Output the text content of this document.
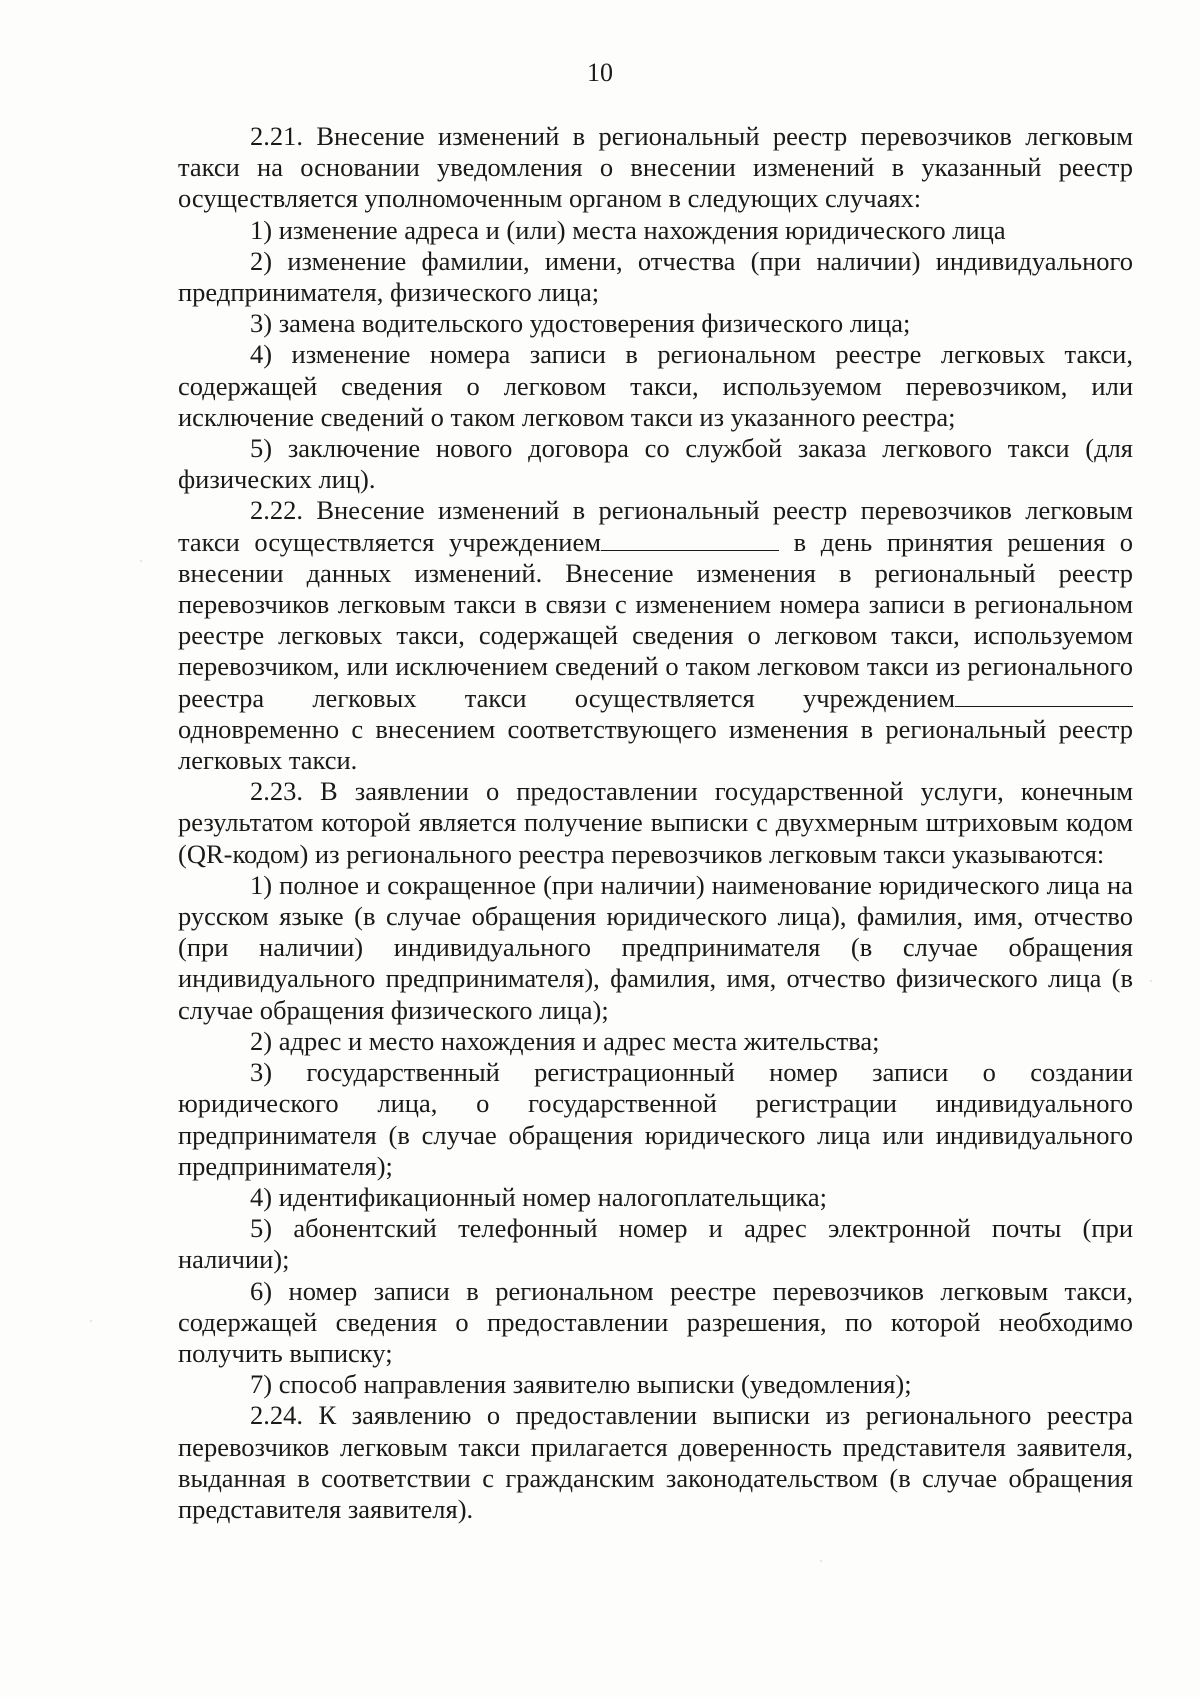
10

2.21. Внесение изменений в региональный реестр перевозчиков легковым такси на основании уведомления о внесении изменений в указанный реестр осуществляется уполномоченным органом в следующих случаях:

1) изменение адреса и (или) места нахождения юридического лица

2) изменение фамилии, имени, отчества (при наличии) индивидуального предпринимателя, физического лица;

3) замена водительского удостоверения физического лица;

4) изменение номера записи в региональном реестре легковых такси, содержащей сведения о легковом такси, используемом перевозчиком, или исключение сведений о таком легковом такси из указанного реестра;

5) заключение нового договора со службой заказа легкового такси (для физических лиц).

2.22. Внесение изменений в региональный реестр перевозчиков легковым такси осуществляется учреждением	в день принятия решения о внесении данных изменений. Внесение изменения в региональный реестр перевозчиков легковым такси в связи с изменением номера записи в региональном реестре легковых такси, содержащей сведения о легковом такси, используемом перевозчиком, или исключением сведений о таком легковом такси из регионального реестра легковых такси осуществляется учреждением одновременно с внесением соответствующего изменения в региональный реестр легковых такси.

2.23. В заявлении о предоставлении государственной услуги, конечным результатом которой является получение выписки с двухмерным штриховым кодом (QR-кодом) из регионального реестра перевозчиков легковым такси указываются:

1) полное и сокращенное (при наличии) наименование юридического лица на русском языке (в случае обращения юридического лица), фамилия, имя, отчество (при наличии) индивидуального предпринимателя (в случае обращения индивидуального предпринимателя), фамилия, имя, отчество физического лица (в случае обращения физического лица);

2) адрес и место нахождения и адрес места жительства;

3) государственный регистрационный номер записи о создании юридического лица, о государственной регистрации индивидуального предпринимателя (в случае обращения юридического лица или индивидуального предпринимателя);

4) идентификационный номер налогоплательщика;

5) абонентский телефонный номер и адрес электронной почты (при наличии);

6) номер записи в региональном реестре перевозчиков легковым такси, содержащей сведения о предоставлении разрешения, по которой необходимо получить выписку;

7) способ направления заявителю выписки (уведомления);

2.24. К заявлению о предоставлении выписки из регионального реестра перевозчиков легковым такси прилагается доверенность представителя заявителя, выданная в соответствии с гражданским законодательством (в случае обращения представителя заявителя).
